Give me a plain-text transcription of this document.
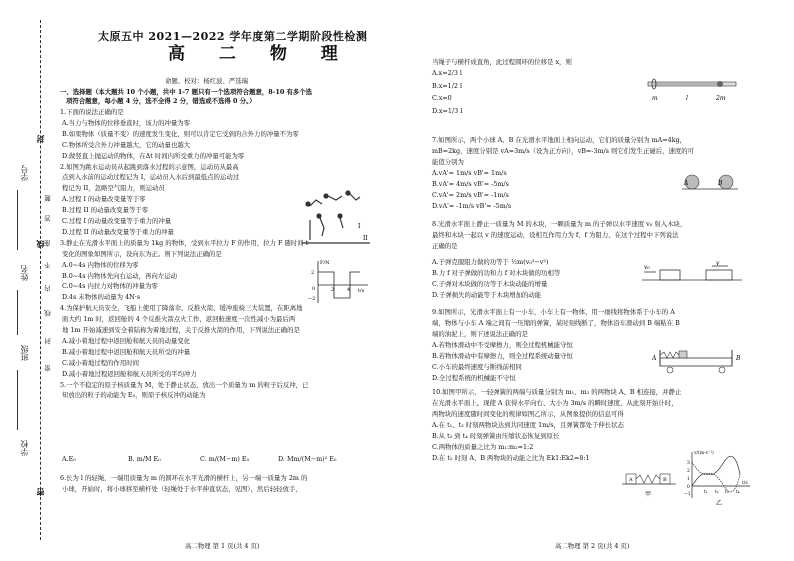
学号
姓名
班级
学校
封
线
密
题
答
准
不
内
线
封
密
太原五中 2021—2022 学年度第二学期阶段性检测
高 二 物 理
命题、校对：杨红波、严选瑞
一、选择题（本大题共 10 个小题，共中 1-7 题只有一个选项符合题意，8-10 有多个选
项符合题意，每小题 4 分，选不全得 2 分，错选或不选得 0 分。）
A.E₀	B. m/M E₀	C. m/(M−m) E₀	D. Mm/(M−m)² E₀
I
II
F/N
2
−2
0	2	4 t/s
m	l	2m
A	B
v₀
v
A	B
A	B
甲
v/(m·s⁻¹)
3
2
1
0
−1	t₁ t₂ t₃ t₄
t/s
乙
高二物理 第 1 页(共 4 页)	高二物理 第 2 页(共 4 页)
1.下面的说法正确的是
A.当力与物体的位移垂直时，该力的冲量为零
B.如果物体（质量不变）的速度发生变化，则可以肯定它受到的合外力的冲量不为零
C.物体所受合外力冲量越大，它的动量也越大
D.做竖直上抛运动的物体，在Δt 时间内所受重力的冲量可能为零
2.如图为跳水运动员从起跳到落水过程的示意图，运动员从最高
点到入水前的运动过程记为 I，运动员入水后到最低点的运动过
程记为 II，忽略空气阻力，则运动员
A.过程 I 的动量改变量等于零
B.过程 II 的动量改变量等于零
C.过程 I 的动量改变量等于重力的冲量
D.过程 II 的动量改变量等于重力的冲量
3.静止在光滑水平面上的质量为 1kg 的物体，受到水平拉力 F 的作用，拉力 F 随时间 t
变化的图象如图所示，设向东为正。则下列说法正确的是
A.0~4s 内物体的位移为零
B.0~4s 内物体先向右运动，再向左运动
C.0~4s 内拉力对物体的冲量为零
D.4s 末物体的动量为 4N·s
4.为保护航天员安全，飞船上使用了降落伞、反推火箭、缓冲座椅三大装置，在距离地
面大约 1m 时，返回舱的 4 个反推火箭点火工作，返回舱速度一次性减小为最后两
地 1m 开始减速到安全着陆称为着地过程，关于反推火箭的作用，下列说法正确的是
A.减小着地过程中返回舱和航天员的动量变化
B.减小着地过程中返回舱和航天员所受的冲量
C.减小着地过程的作用时间
D.减小着地过程返回舱和航天员所受的平均冲力
5.一个不稳定的原子核质量为 M，处于静止状态，放出一个质量为 m 的粒子后反冲，已
知放出的粒子的动能为 E₀，则原子核反冲的动能为
6.长为 l 的轻绳，一端用质量为 m 的圆环在水平光滑的横杆上，另一端一质量为 2m 的
小球，开始时，将小球移至横杆处（轻绳处于水平伸直状态，见图），然后轻轻放手，
当绳子与横杆成直角，此过程圆环的位移是 x，则
A.x=2/3 l
B.x=1/2 l
C.x=0
D.x=1/3 l
7.如图所示，两个小球 A、B 在光滑水平地面上相向运动，它们的质量分别为 mA=4kg，
mB=2kg，速度分别是 vA=3m/s（设为正方向），vB=-3m/s 则它们发生正碰后，速度的可
能值分别为
A.vA'= 1m/s vB'= 1m/s
B.vA'= 4m/s vB'= -5m/s
C.vA'= 2m/s vB'= -1m/s
D.vA'= -1m/s vB'= -5m/s
8.光滑水平面上静止一质量为 M 的木块，一颗质量为 m 的子弹以水平速度 v₀ 射入木块，
最终和木块一起以 v 的速度运动，设相互作用力为 f，f 为阻力，在这个过程中下列说法
正确的是
A.子弹克服阻力做的功等于 ½m(v₀²−v²)
B.力 f 对子弹做的功和力 f 对木块做的功相等
C.子弹对木块做的功等于木块动能的增量
D.子弹损失的动能等于木块增加的动能
9.如图所示，光滑水平面上有一小车，小车上有一物体，用一细线将物体系于小车的 A
端，物体与小车 A 端之间有一压缩的弹簧，某时刻线断了，物体沿车滑动到 B 端粘在 B
端的油泥上，则下述说法正确的是
A.若物体滑动中不受摩擦力，则全过程机械能守恒
B.若物体滑动中有摩擦力，则全过程系统动量守恒
C.小车的最终速度与断线前相同
D.全过程系统的机械能不守恒
10.如图甲所示，一轻弹簧的两端与质量分别为 m₁、m₂ 的两物块 A、B 相连接，并静止
在光滑水平面上。现使 A 获得水平向右、大小为 3m/s 的瞬时速度，从此刻开始计时，
两物块的速度随时间变化的规律如图乙所示，从图象提供的信息可得
A.在 t₁、t₃ 时刻两物块达到共同速度 1m/s，且弹簧都处于伸长状态
B.从 t₃ 到 t₄ 时刻弹簧由压缩状态恢复到原长
C.两物体的质量之比为 m₁:m₂=1:2
D.在 t₂ 时刻 A、B 两物块的动能之比为 Ek1:Ek2=8:1
